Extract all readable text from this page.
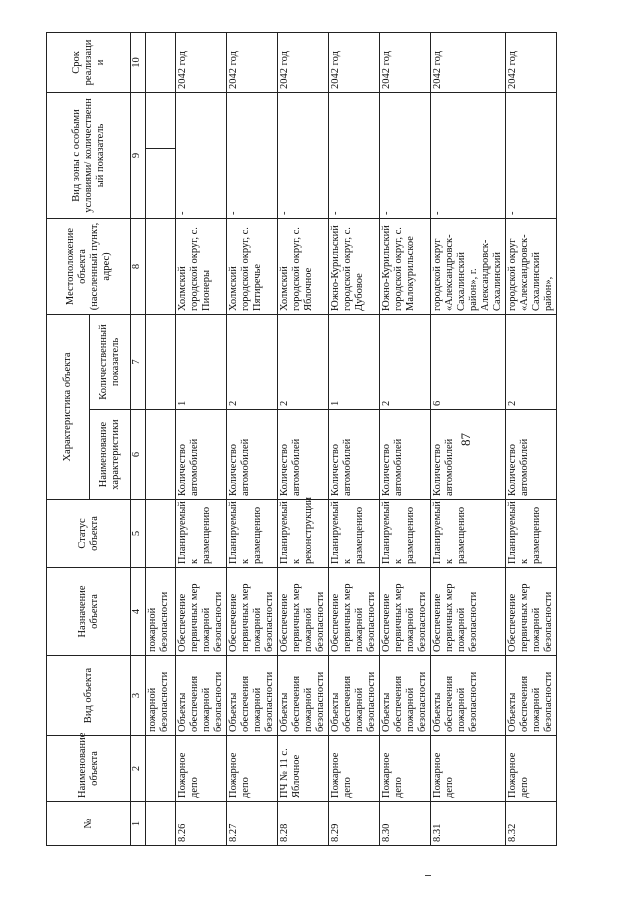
87
№	Наименование объекта	Вид объекта	Назначение объекта	Статус объекта	Характеристика объекта		Местоположение объекта (населенный пункт, адрес)	Вид зоны с особыми условиями/ количественн ый показатель		Срок реализаци и
					Наименование характеристики	Количественный показатель				
1	2	3	4	5	6	7	8	9		10
		пожарной безопасности	пожарной безопасности							
8.26	Пожарное депо	Объекты обеспечения пожарной безопасности	Обеспечение первичных мер пожарной безопасности	Планируемый к размещению	Количество автомобилей	1	Холмский городской округ, с. Пионеры	-		2042 год
8.27	Пожарное депо	Объекты обеспечения пожарной безопасности	Обеспечение первичных мер пожарной безопасности	Планируемый к размещению	Количество автомобилей	2	Холмский городской округ, с. Пятиречье	-		2042 год
8.28	ПЧ № 11 с. Яблочное	Объекты обеспечения пожарной безопасности	Обеспечение первичных мер пожарной безопасности	Планируемый к реконструкции	Количество автомобилей	2	Холмский городской округ, с. Яблочное	-		2042 год
8.29	Пожарное депо	Объекты обеспечения пожарной безопасности	Обеспечение первичных мер пожарной безопасности	Планируемый к размещению	Количество автомобилей	1	Южно-Курильский городской округ, с. Дубовое	-		2042 год
8.30	Пожарное депо	Объекты обеспечения пожарной безопасности	Обеспечение первичных мер пожарной безопасности	Планируемый к размещению	Количество автомобилей	2	Южно-Курильский городской округ, с. Малокурильское	-		2042 год
8.31	Пожарное депо	Объекты обеспечения пожарной безопасности	Обеспечение первичных мер пожарной безопасности	Планируемый к размещению	Количество автомобилей	6	городской округ «Александровск-Сахалинский район», г. Александровск-Сахалинский	-		2042 год
8.32	Пожарное депо	Объекты обеспечения пожарной безопасности	Обеспечение первичных мер пожарной безопасности	Планируемый к размещению	Количество автомобилей	2	городской округ «Александровск-Сахалинский район»,	-		2042 год
